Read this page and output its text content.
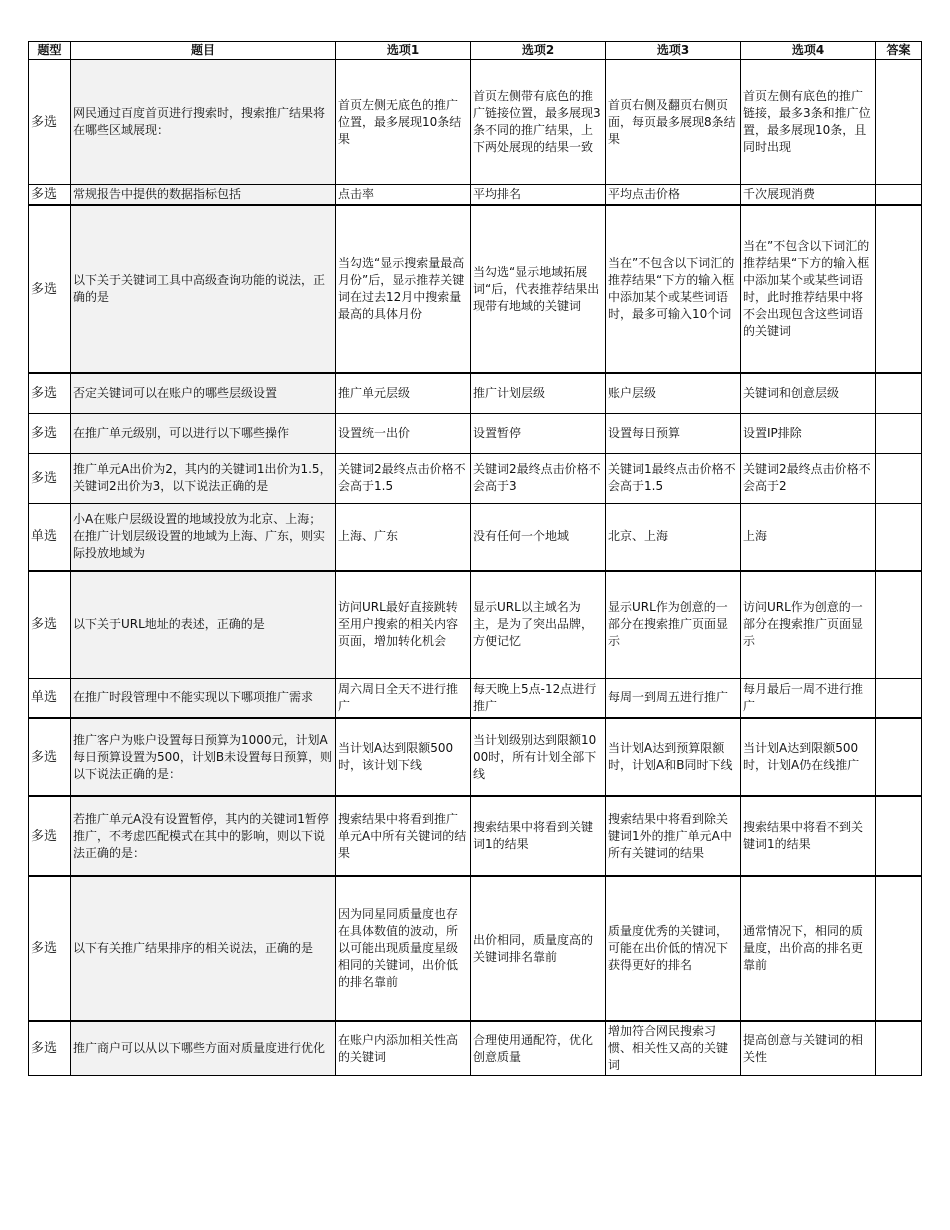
题型	题目	选项1	选项2	选项3	选项4	答案
多选	网民通过百度首页进行搜索时，搜索推广结果将在哪些区域展现：	首页左侧无底色的推广位置，最多展现10条结果	首页左侧带有底色的推广链接位置，最多展现3条不同的推广结果，上下两处展现的结果一致	首页右侧及翻页右侧页面，每页最多展现8条结果	首页左侧有底色的推广链接，最多3条和推广位置，最多展现10条，且同时出现	
多选	常规报告中提供的数据指标包括	点击率	平均排名	平均点击价格	千次展现消费	
多选	以下关于关键词工具中高级查询功能的说法，正确的是	当勾选“显示搜索量最高月份”后，显示推荐关键词在过去12月中搜索量最高的具体月份	当勾选“显示地域拓展词“后，代表推荐结果出现带有地域的关键词	当在”不包含以下词汇的推荐结果“下方的输入框中添加某个或某些词语时，最多可输入10个词	当在”不包含以下词汇的推荐结果“下方的输入框中添加某个或某些词语时，此时推荐结果中将不会出现包含这些词语的关键词	
多选	否定关键词可以在账户的哪些层级设置	推广单元层级	推广计划层级	账户层级	关键词和创意层级	
多选	在推广单元级别，可以进行以下哪些操作	设置统一出价	设置暂停	设置每日预算	设置IP排除	
多选	推广单元A出价为2，其内的关键词1出价为1.5，关键词2出价为3，以下说法正确的是	关键词2最终点击价格不会高于1.5	关键词2最终点击价格不会高于3	关键词1最终点击价格不会高于1.5	关键词2最终点击价格不会高于2	
单选	小A在账户层级设置的地域投放为北京、上海；在推广计划层级设置的地域为上海、广东，则实际投放地域为	上海、广东	没有任何一个地域	北京、上海	上海	
多选	以下关于URL地址的表述，正确的是	访问URL最好直接跳转至用户搜索的相关内容页面，增加转化机会	显示URL以主域名为主，是为了突出品牌，方便记忆	显示URL作为创意的一部分在搜索推广页面显示	访问URL作为创意的一部分在搜索推广页面显示	
单选	在推广时段管理中不能实现以下哪项推广需求	周六周日全天不进行推广	每天晚上5点-12点进行推广	每周一到周五进行推广	每月最后一周不进行推广	
多选	推广客户为账户设置每日预算为1000元，计划A每日预算设置为500，计划B未设置每日预算，则以下说法正确的是：	当计划A达到限额500时，该计划下线	当计划级别达到限额1000时，所有计划全部下线	当计划A达到预算限额时，计划A和B同时下线	当计划A达到限额500时，计划A仍在线推广	
多选	若推广单元A没有设置暂停，其内的关键词1暂停推广，不考虑匹配模式在其中的影响，则以下说法正确的是：	搜索结果中将看到推广单元A中所有关键词的结果	搜索结果中将看到关键词1的结果	搜索结果中将看到除关键词1外的推广单元A中所有关键词的结果	搜索结果中将看不到关键词1的结果	
多选	以下有关推广结果排序的相关说法，正确的是	因为同星同质量度也存在具体数值的波动，所以可能出现质量度星级相同的关键词，出价低的排名靠前	出价相同，质量度高的关键词排名靠前	质量度优秀的关键词，可能在出价低的情况下获得更好的排名	通常情况下，相同的质量度，出价高的排名更靠前	
多选	推广商户可以从以下哪些方面对质量度进行优化	在账户内添加相关性高的关键词	合理使用通配符，优化创意质量	增加符合网民搜索习惯、相关性又高的关键词	提高创意与关键词的相关性	
